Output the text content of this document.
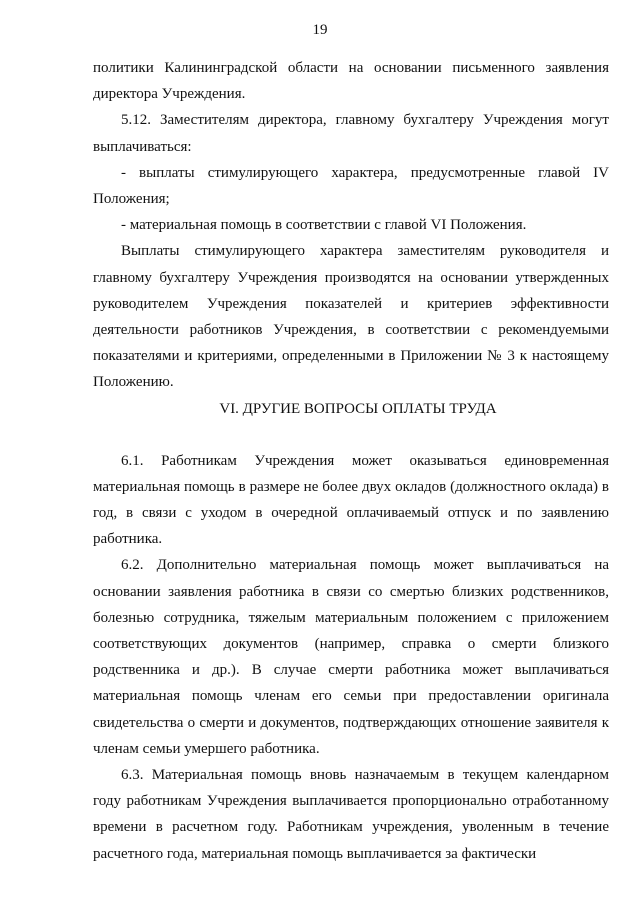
19

политики Калининградской области на основании письменного заявления директора Учреждения.

5.12. Заместителям директора, главному бухгалтеру Учреждения могут выплачиваться:

- выплаты стимулирующего характера, предусмотренные главой IV Положения;

- материальная помощь в соответствии с главой VI Положения.

Выплаты стимулирующего характера заместителям руководителя и главному бухгалтеру Учреждения производятся на основании утвержденных руководителем Учреждения показателей и критериев эффективности деятельности работников Учреждения, в соответствии с рекомендуемыми показателями и критериями, определенными в Приложении № 3 к настоящему Положению.

VI. ДРУГИЕ ВОПРОСЫ ОПЛАТЫ ТРУДА

6.1. Работникам Учреждения может оказываться единовременная материальная помощь в размере не более двух окладов (должностного оклада) в год, в связи с уходом в очередной оплачиваемый отпуск и по заявлению работника.

6.2. Дополнительно материальная помощь может выплачиваться на основании заявления работника в связи со смертью близких родственников, болезнью сотрудника, тяжелым материальным положением с приложением соответствующих документов (например, справка о смерти близкого родственника и др.). В случае смерти работника может выплачиваться материальная помощь членам его семьи при предоставлении оригинала свидетельства о смерти и документов, подтверждающих отношение заявителя к членам семьи умершего работника.

6.3. Материальная помощь вновь назначаемым в текущем календарном году работникам Учреждения выплачивается пропорционально отработанному времени в расчетном году. Работникам учреждения, уволенным в течение расчетного года, материальная помощь выплачивается за фактически
